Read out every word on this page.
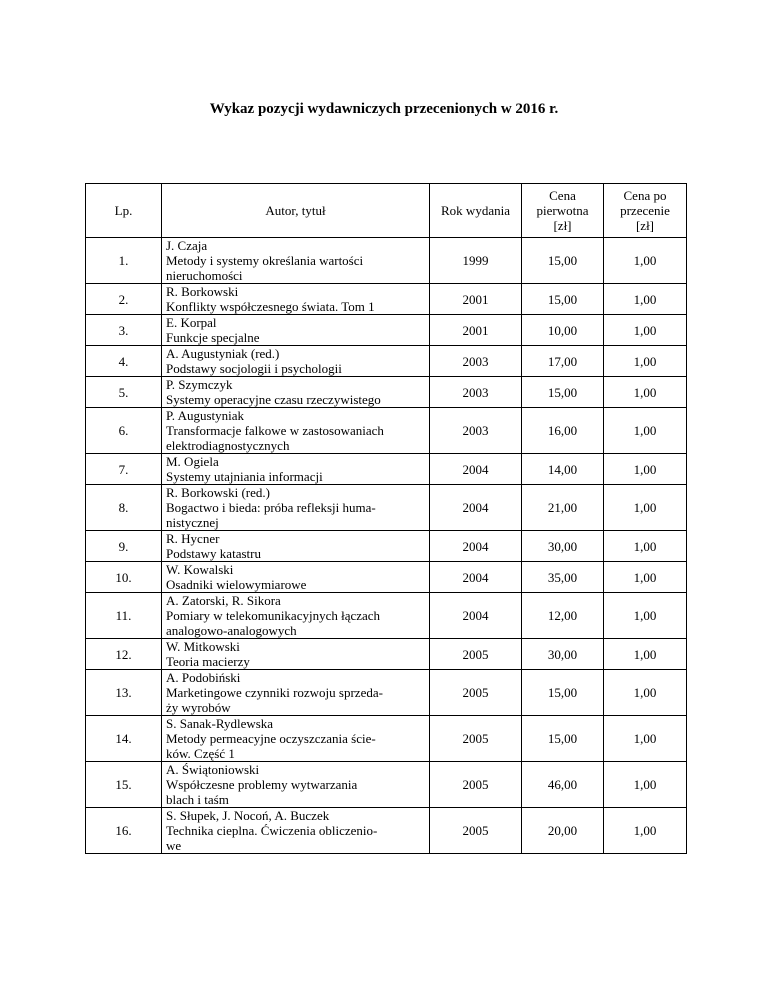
Wykaz pozycji wydawniczych przecenionych w 2016 r.
Lp.	Autor, tytuł	Rok wydania	Cena
pierwotna
[zł]	Cena po
przecenie
[zł]

1.	J. Czaja
Metody i systemy określania wartości
nieruchomości	1999	15,00	1,00
2.	R. Borkowski
Konflikty współczesnego świata. Tom 1	2001	15,00	1,00
3.	E. Korpal
Funkcje specjalne	2001	10,00	1,00
4.	A. Augustyniak (red.)
Podstawy socjologii i psychologii	2003	17,00	1,00
5.	P. Szymczyk
Systemy operacyjne czasu rzeczywistego	2003	15,00	1,00
6.	P. Augustyniak
Transformacje falkowe w zastosowaniach
elektrodiagnostycznych	2003	16,00	1,00
7.	M. Ogiela
Systemy utajniania informacji	2004	14,00	1,00
8.	R. Borkowski (red.)
Bogactwo i bieda: próba refleksji huma-
nistycznej	2004	21,00	1,00
9.	R. Hycner
Podstawy katastru	2004	30,00	1,00
10.	W. Kowalski
Osadniki wielowymiarowe	2004	35,00	1,00
11.	A. Zatorski, R. Sikora
Pomiary w telekomunikacyjnych łączach
analogowo-analogowych	2004	12,00	1,00
12.	W. Mitkowski
Teoria macierzy	2005	30,00	1,00
13.	A. Podobiński
Marketingowe czynniki rozwoju sprzeda-
ży wyrobów	2005	15,00	1,00
14.	S. Sanak-Rydlewska
Metody permeacyjne oczyszczania ście-
ków. Część 1	2005	15,00	1,00
15.	A. Świątoniowski
Współczesne problemy wytwarzania
blach i taśm	2005	46,00	1,00
16.	S. Słupek, J. Nocoń, A. Buczek
Technika cieplna. Ćwiczenia obliczenio-
we	2005	20,00	1,00
